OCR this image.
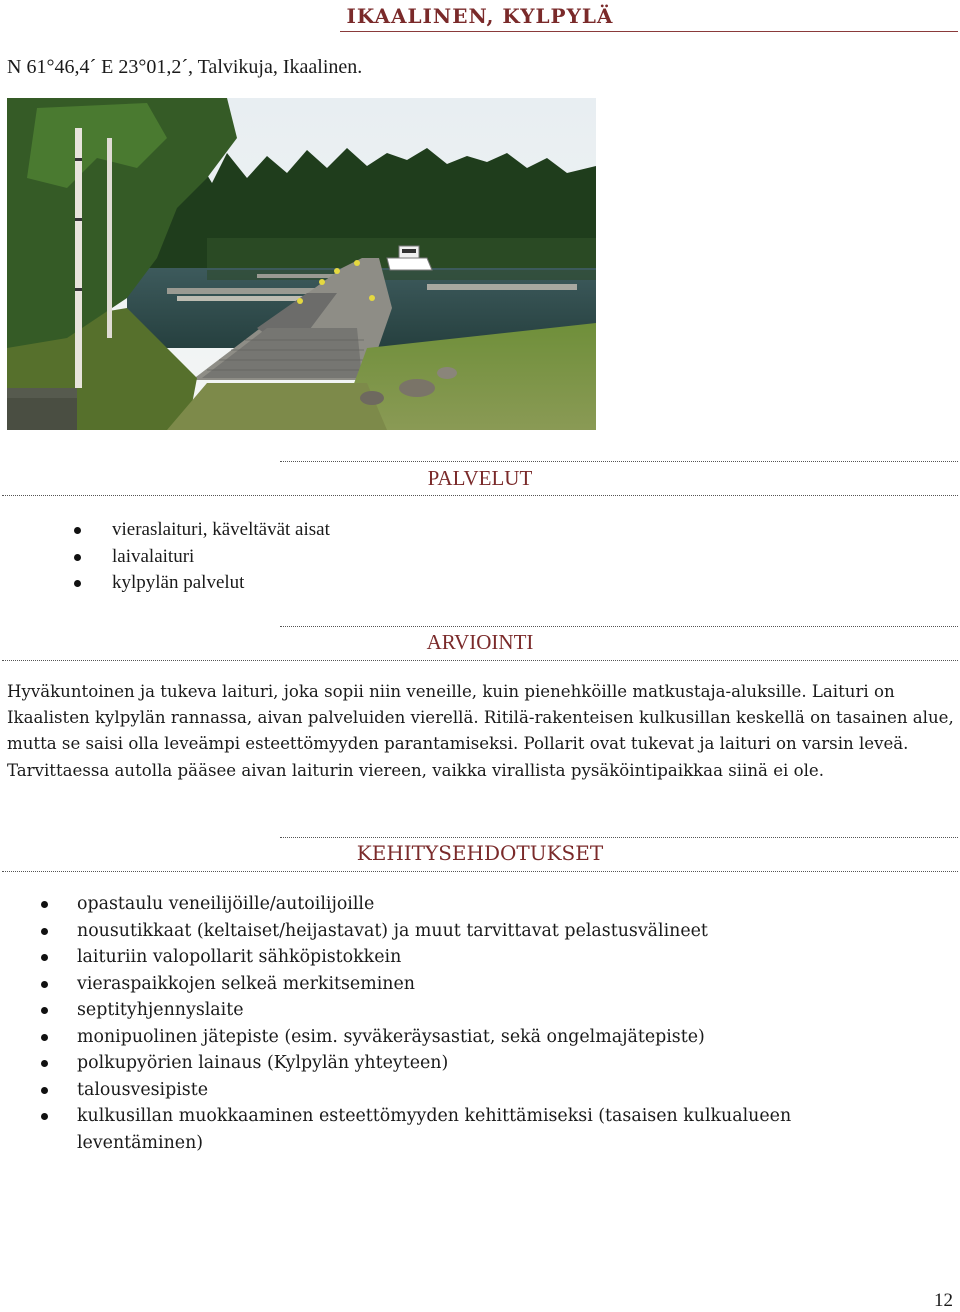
IKAALINEN, KYLPYLÄ
N 61°46,4´ E 23°01,2´, Talvikuja, Ikaalinen.
PALVELUT
vieraslaituri, käveltävät aisat
laivalaituri
kylpylän palvelut
ARVIOINTI

Hyväkuntoinen ja tukeva laituri, joka sopii niin veneille, kuin pienehköille matkustaja-aluksille. Laituri on Ikaalisten kylpylän rannassa, aivan palveluiden vierellä. Ritilä-rakenteisen kulkusillan keskellä on tasainen alue, mutta se saisi olla leveämpi esteettömyyden parantamiseksi. Pollarit ovat tukevat ja laituri on varsin leveä. Tarvittaessa autolla pääsee aivan laiturin viereen, vaikka virallista pysäköintipaikkaa siinä ei ole.

KEHITYSEHDOTUKSET
opastaulu veneilijöille/autoilijoille
nousutikkaat (keltaiset/heijastavat) ja muut tarvittavat pelastusvälineet
laituriin valopollarit sähköpistokkein
vieraspaikkojen selkeä merkitseminen
septityhjennyslaite
monipuolinen jätepiste (esim. syväkeräysastiat, sekä ongelmajätepiste)
polkupyörien lainaus (Kylpylän yhteyteen)
talousvesipiste
kulkusillan muokkaaminen esteettömyyden kehittämiseksi (tasaisen kulkualueen leventäminen)
12
